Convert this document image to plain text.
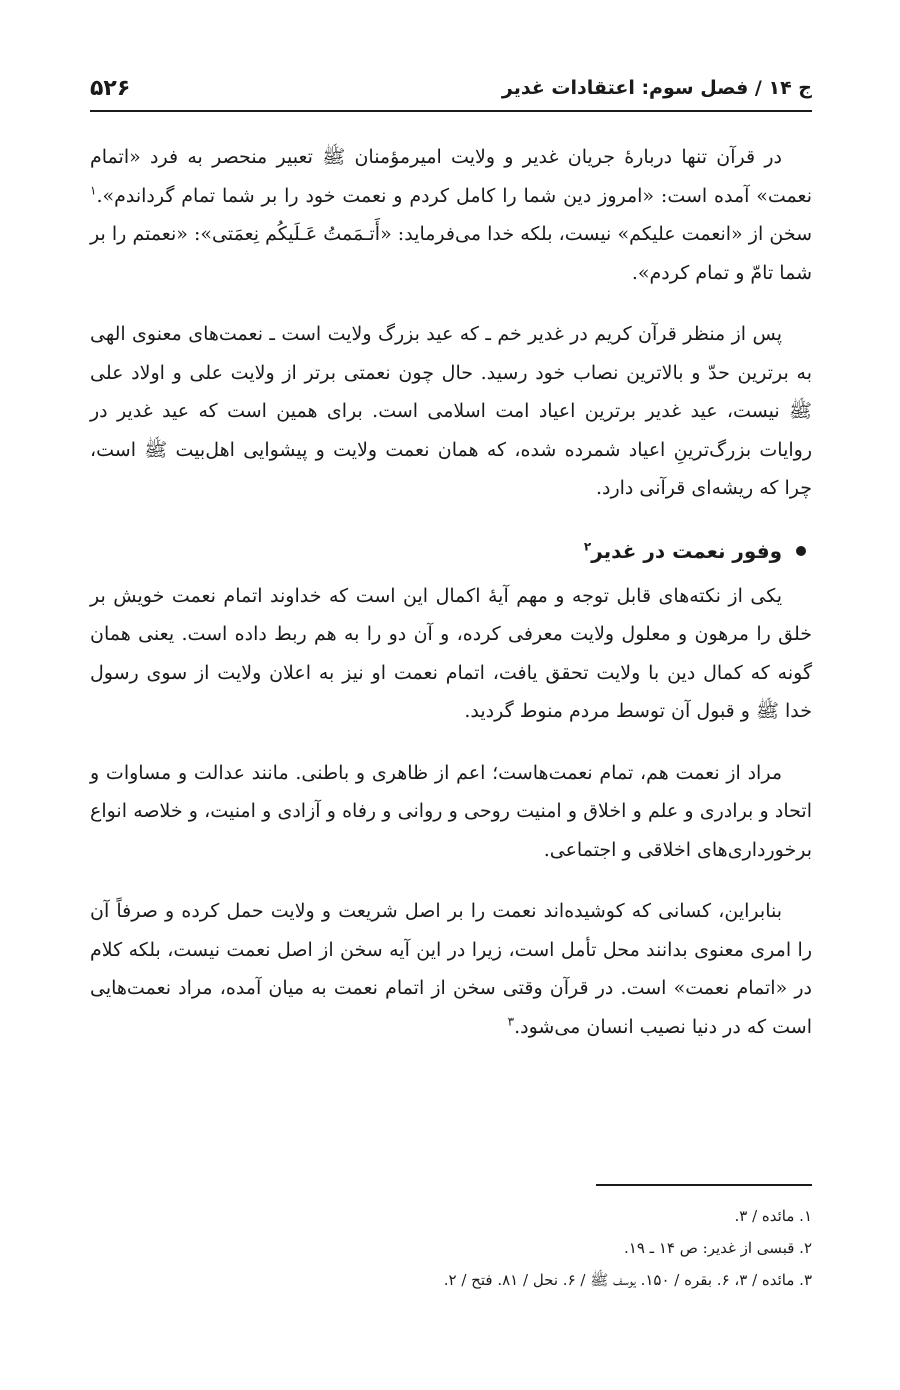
ج ۱۴ / فصل سوم: اعتقادات غدیر
۵۲۶

در قرآن تنها دربارهٔ جریان غدیر و ولایت امیرمؤمنان ﷺ تعبیر منحصر به فرد «اتمام نعمت» آمده است: «امروز دین شما را کامل کردم و نعمت خود را بر شما تمام گرداندم».$^۱$ سخن از «انعمت علیکم» نیست، بلکه خدا می‌فرماید: «أَتـمَمتُ عَـلَیکُم نِعمَتی»: «نعمتم را بر شما تامّ و تمام کردم».

پس از منظر قرآن کریم در غدیر خم ـ که عید بزرگ ولایت است ـ نعمت‌های معنوی الهی به برترین حدّ و بالاترین نصاب خود رسید. حال چون نعمتی برتر از ولایت علی و اولاد علی ﷺ نیست، عید غدیر برترین اعیاد امت اسلامی است. برای همین است که عید غدیر در روایات بزرگ‌ترینِ اعیاد شمرده شده، که همان نعمت ولایت و پیشوایی اهل‌بیت ﷺ است، چرا که ریشه‌ای قرآنی دارد.

وفور نعمت در غدیر$^۲$

یکی از نکته‌های قابل توجه و مهم آیهٔ اکمال این است که خداوند اتمام نعمت خویش بر خلق را مرهون و معلول ولایت معرفی کرده، و آن دو را به هم ربط داده است. یعنی همان گونه که کمال دین با ولایت تحقق یافت، اتمام نعمت او نیز به اعلان ولایت از سوی رسول خدا ﷺ و قبول آن توسط مردم منوط گردید.

مراد از نعمت هم، تمام نعمت‌هاست؛ اعم از ظاهری و باطنی. مانند عدالت و مساوات و اتحاد و برادری و علم و اخلاق و امنیت روحی و روانی و رفاه و آزادی و امنیت، و خلاصه انواع برخورداری‌های اخلاقی و اجتماعی.

بنابراین، کسانی که کوشیده‌اند نعمت را بر اصل شریعت و ولایت حمل کرده و صرفاً آن را امری معنوی بدانند محل تأمل است، زیرا در این آیه سخن از اصل نعمت نیست، بلکه کلام در «اتمام نعمت» است. در قرآن وقتی سخن از اتمام نعمت به میان آمده، مراد نعمت‌هایی است که در دنیا نصیب انسان می‌شود.$^۳$

۱. مائده / ۳.

۲. قبسی از غدیر: ص ۱۴ ـ ۱۹.

۳. مائده / ۳، ۶. بقره / ۱۵۰. یوسف ﷺ / ۶. نحل / ۸۱. فتح / ۲.
